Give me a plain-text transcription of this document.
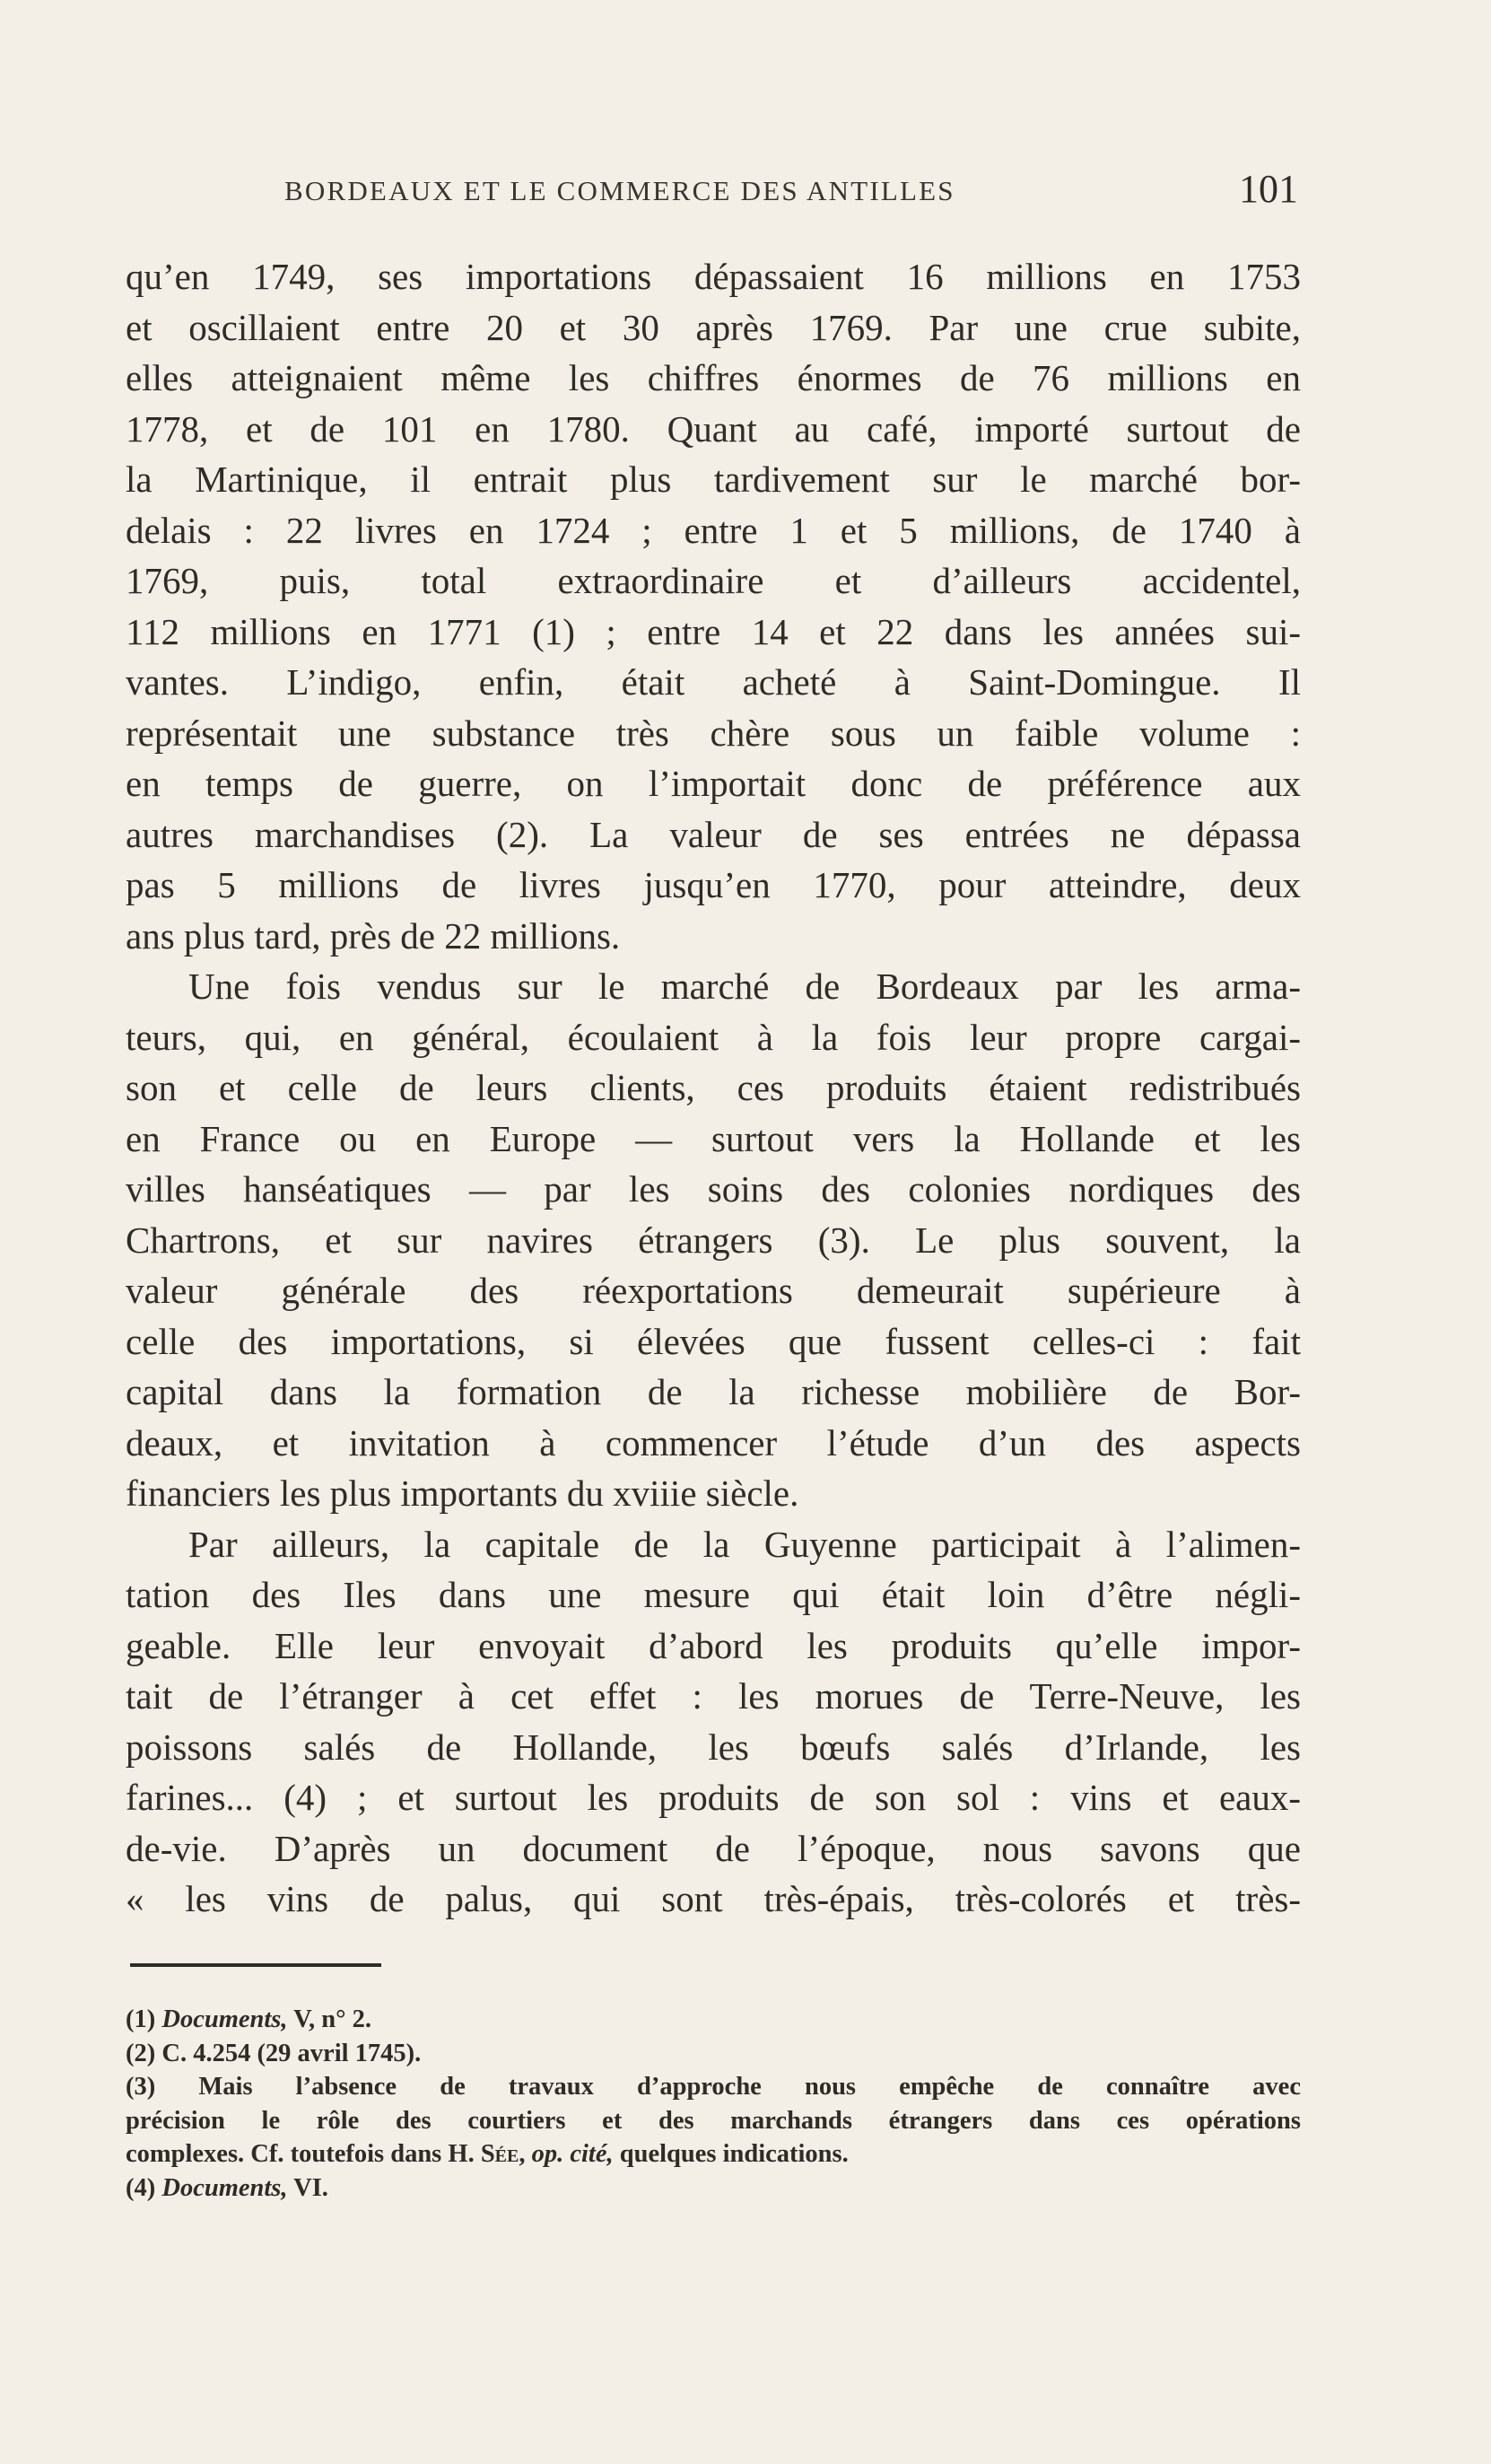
BORDEAUX ET LE COMMERCE DES ANTILLES	101
qu’en 1749, ses importations dépassaient 16 millions en 1753
et oscillaient entre 20 et 30 après 1769. Par une crue subite,
elles atteignaient même les chiffres énormes de 76 millions en
1778, et de 101 en 1780. Quant au café, importé surtout de
la Martinique, il entrait plus tardivement sur le marché bor-
delais : 22 livres en 1724 ; entre 1 et 5 millions, de 1740 à
1769, puis, total extraordinaire et d’ailleurs accidentel,
112 millions en 1771 (1) ; entre 14 et 22 dans les années sui-
vantes. L’indigo, enfin, était acheté à Saint-Domingue. Il
représentait une substance très chère sous un faible volume :
en temps de guerre, on l’importait donc de préférence aux
autres marchandises (2). La valeur de ses entrées ne dépassa
pas 5 millions de livres jusqu’en 1770, pour atteindre, deux
ans plus tard, près de 22 millions.
Une fois vendus sur le marché de Bordeaux par les arma-
teurs, qui, en général, écoulaient à la fois leur propre cargai-
son et celle de leurs clients, ces produits étaient redistribués
en France ou en Europe — surtout vers la Hollande et les
villes hanséatiques — par les soins des colonies nordiques des
Chartrons, et sur navires étrangers (3). Le plus souvent, la
valeur générale des réexportations demeurait supérieure à
celle des importations, si élevées que fussent celles-ci : fait
capital dans la formation de la richesse mobilière de Bor-
deaux, et invitation à commencer l’étude d’un des aspects
financiers les plus importants du xviiie siècle.
Par ailleurs, la capitale de la Guyenne participait à l’alimen-
tation des Iles dans une mesure qui était loin d’être négli-
geable. Elle leur envoyait d’abord les produits qu’elle impor-
tait de l’étranger à cet effet : les morues de Terre-Neuve, les
poissons salés de Hollande, les bœufs salés d’Irlande, les
farines... (4) ; et surtout les produits de son sol : vins et eaux-
de-vie. D’après un document de l’époque, nous savons que
« les vins de palus, qui sont très-épais, très-colorés et très-
(1) Documents, V, n° 2.
(2) C. 4.254 (29 avril 1745).
(3) Mais l’absence de travaux d’approche nous empêche de connaître avec
précision le rôle des courtiers et des marchands étrangers dans ces opérations
complexes. Cf. toutefois dans H. Sée, op. cité, quelques indications.
(4) Documents, VI.
